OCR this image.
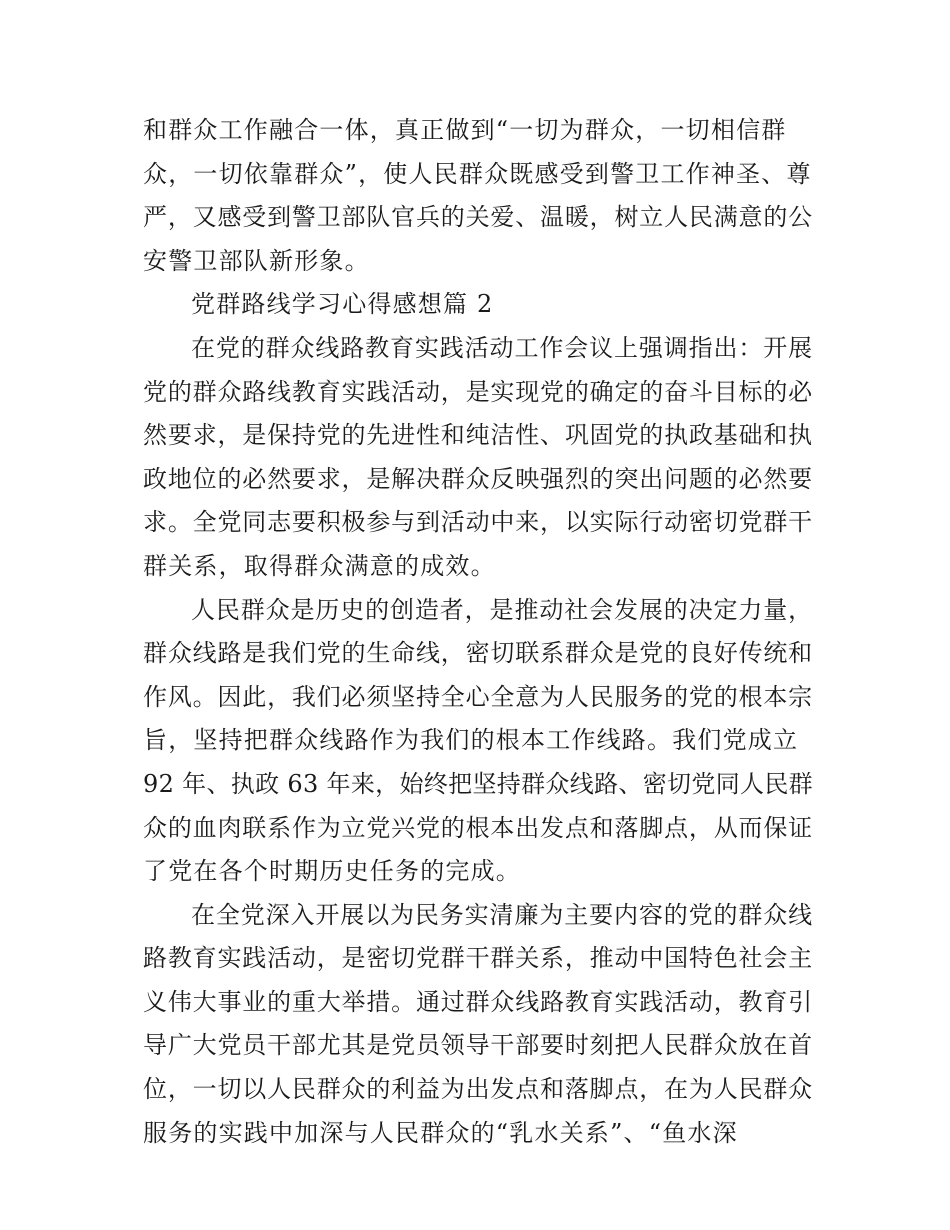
和群众工作融合一体，真正做到“一切为群众，一切相信群
众，一切依靠群众”，使人民群众既感受到警卫工作神圣、尊
严，又感受到警卫部队官兵的关爱、温暖，树立人民满意的公
安警卫部队新形象。
党群路线学习心得感想篇 2
在党的群众线路教育实践活动工作会议上强调指出：开展
党的群众路线教育实践活动，是实现党的确定的奋斗目标的必
然要求，是保持党的先进性和纯洁性、巩固党的执政基础和执
政地位的必然要求，是解决群众反映强烈的突出问题的必然要
求。全党同志要积极参与到活动中来，以实际行动密切党群干
群关系，取得群众满意的成效。
人民群众是历史的创造者，是推动社会发展的决定力量，
群众线路是我们党的生命线，密切联系群众是党的良好传统和
作风。因此，我们必须坚持全心全意为人民服务的党的根本宗
旨，坚持把群众线路作为我们的根本工作线路。我们党成立
92 年、执政 63 年来，始终把坚持群众线路、密切党同人民群
众的血肉联系作为立党兴党的根本出发点和落脚点，从而保证
了党在各个时期历史任务的完成。
在全党深入开展以为民务实清廉为主要内容的党的群众线
路教育实践活动，是密切党群干群关系，推动中国特色社会主
义伟大事业的重大举措。通过群众线路教育实践活动，教育引
导广大党员干部尤其是党员领导干部要时刻把人民群众放在首
位，一切以人民群众的利益为出发点和落脚点，在为人民群众
服务的实践中加深与人民群众的“乳水关系”、“鱼水深
